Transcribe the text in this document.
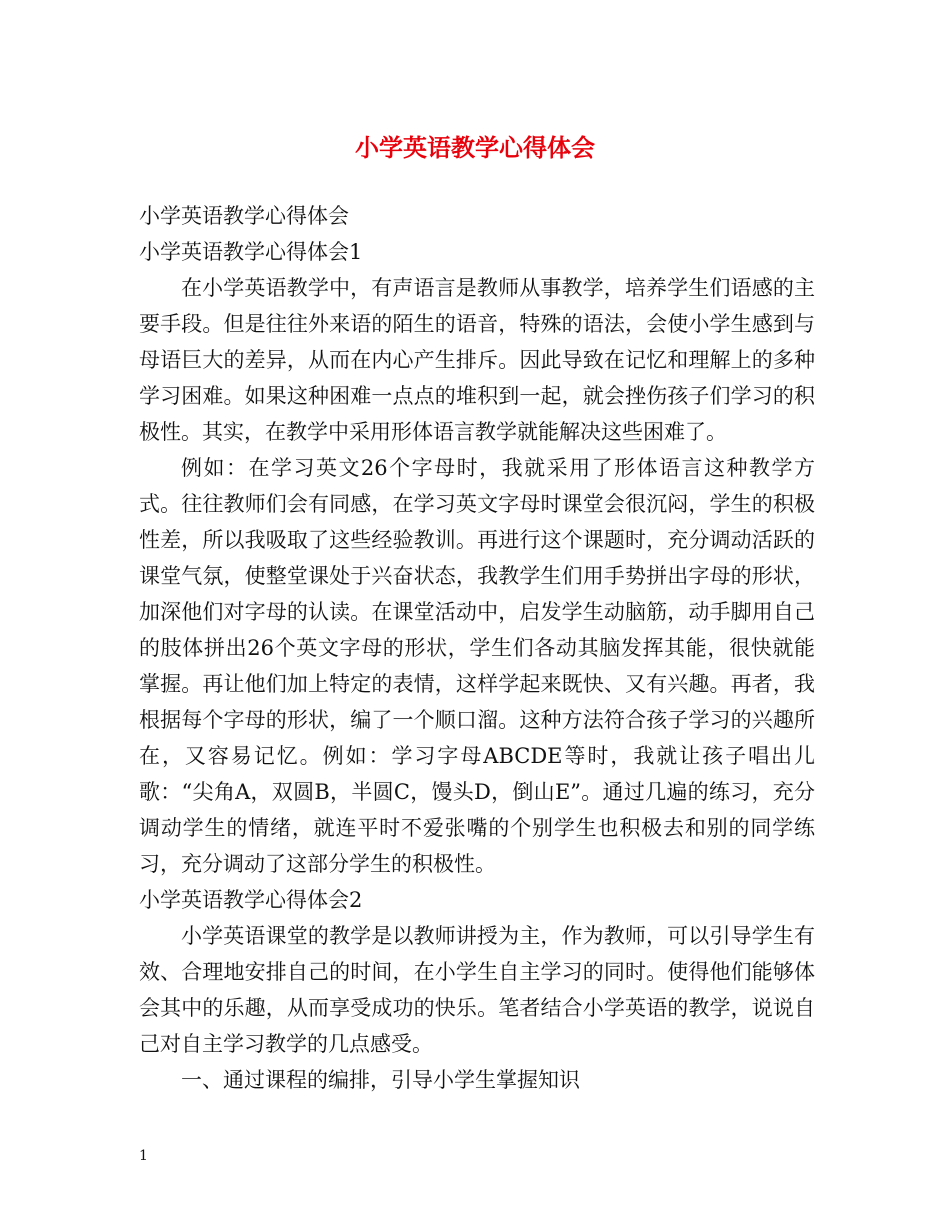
小学英语教学心得体会

小学英语教学心得体会

小学英语教学心得体会1

在小学英语教学中，有声语言是教师从事教学，培养学生们语感的主要手段。但是往往外来语的陌生的语音，特殊的语法，会使小学生感到与母语巨大的差异，从而在内心产生排斥。因此导致在记忆和理解上的多种学习困难。如果这种困难一点点的堆积到一起，就会挫伤孩子们学习的积极性。其实，在教学中采用形体语言教学就能解决这些困难了。

例如：在学习英文26个字母时，我就采用了形体语言这种教学方式。往往教师们会有同感，在学习英文字母时课堂会很沉闷，学生的积极性差，所以我吸取了这些经验教训。再进行这个课题时，充分调动活跃的课堂气氛，使整堂课处于兴奋状态，我教学生们用手势拼出字母的形状，加深他们对字母的认读。在课堂活动中，启发学生动脑筋，动手脚用自己的肢体拼出26个英文字母的形状，学生们各动其脑发挥其能，很快就能掌握。再让他们加上特定的表情，这样学起来既快、又有兴趣。再者，我根据每个字母的形状，编了一个顺口溜。这种方法符合孩子学习的兴趣所在，又容易记忆。例如：学习字母ABCDE等时，我就让孩子唱出儿歌：“尖角A，双圆B，半圆C，馒头D，倒山E”。通过几遍的练习，充分调动学生的情绪，就连平时不爱张嘴的个别学生也积极去和别的同学练习，充分调动了这部分学生的积极性。

小学英语教学心得体会2

小学英语课堂的教学是以教师讲授为主，作为教师，可以引导学生有效、合理地安排自己的时间，在小学生自主学习的同时。使得他们能够体会其中的乐趣，从而享受成功的快乐。笔者结合小学英语的教学，说说自己对自主学习教学的几点感受。

一、通过课程的编排，引导小学生掌握知识

1
